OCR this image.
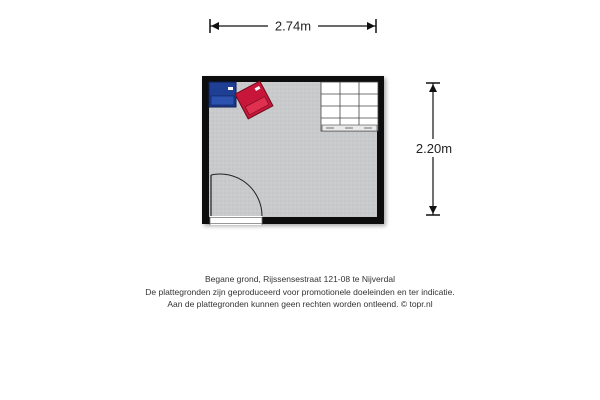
2.74m
2.20m
Begane grond, Rijssensestraat 121-08 te Nijverdal
De plattegronden zijn geproduceerd voor promotionele doeleinden en ter indicatie.
Aan de plattegronden kunnen geen rechten worden ontleend. © topr.nl
